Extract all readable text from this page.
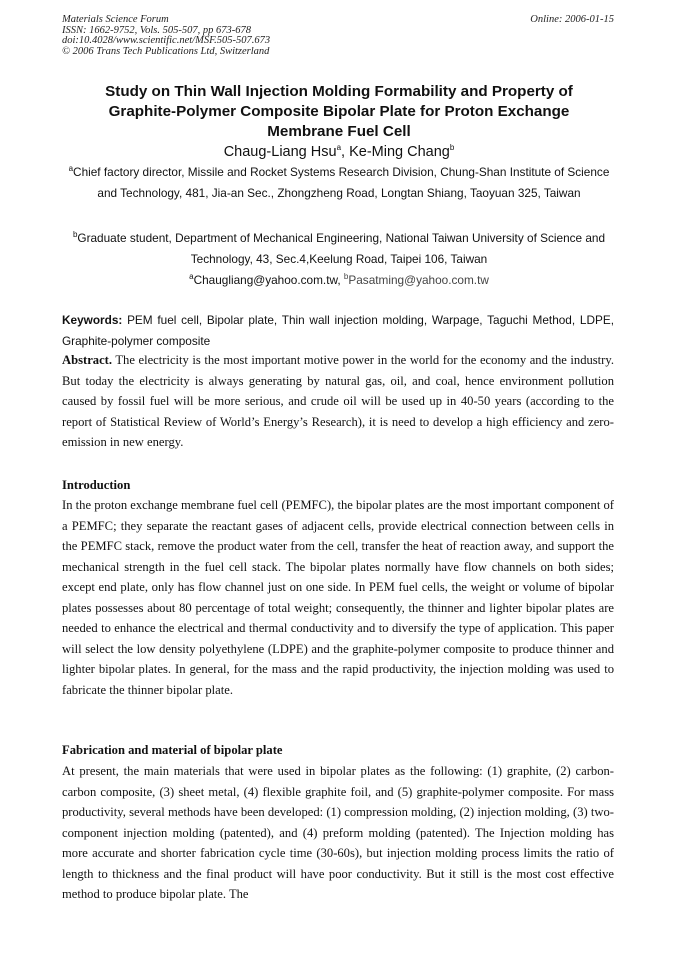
Materials Science Forum
ISSN: 1662-9752, Vols. 505-507, pp 673-678
doi:10.4028/www.scientific.net/MSF.505-507.673
© 2006 Trans Tech Publications Ltd, Switzerland
Online: 2006-01-15
Study on Thin Wall Injection Molding Formability and Property of Graphite-Polymer Composite Bipolar Plate for Proton Exchange Membrane Fuel Cell
Chaug-Liang Hsu$^a$, Ke-Ming Chang$^b$
$^a$Chief factory director, Missile and Rocket Systems Research Division, Chung-Shan Institute of Science and Technology, 481, Jia-an Sec., Zhongzheng Road, Longtan Shiang, Taoyuan 325, Taiwan
$^b$Graduate student, Department of Mechanical Engineering, National Taiwan University of Science and Technology, 43, Sec.4,Keelung Road, Taipei 106, Taiwan
$^a$Chaugliang@yahoo.com.tw, $^b$Pasatming@yahoo.com.tw
Keywords: PEM fuel cell, Bipolar plate, Thin wall injection molding, Warpage, Taguchi Method, LDPE, Graphite-polymer composite
Abstract. The electricity is the most important motive power in the world for the economy and the industry. But today the electricity is always generating by natural gas, oil, and coal, hence environment pollution caused by fossil fuel will be more serious, and crude oil will be used up in 40-50 years (according to the report of Statistical Review of World’s Energy’s Research), it is need to develop a high efficiency and zero-emission in new energy.
Introduction
In the proton exchange membrane fuel cell (PEMFC), the bipolar plates are the most important component of a PEMFC; they separate the reactant gases of adjacent cells, provide electrical connection between cells in the PEMFC stack, remove the product water from the cell, transfer the heat of reaction away, and support the mechanical strength in the fuel cell stack. The bipolar plates normally have flow channels on both sides; except end plate, only has flow channel just on one side. In PEM fuel cells, the weight or volume of bipolar plates possesses about 80 percentage of total weight; consequently, the thinner and lighter bipolar plates are needed to enhance the electrical and thermal conductivity and to diversify the type of application. This paper will select the low density polyethylene (LDPE) and the graphite-polymer composite to produce thinner and lighter bipolar plates. In general, for the mass and the rapid productivity, the injection molding was used to fabricate the thinner bipolar plate.
Fabrication and material of bipolar plate
At present, the main materials that were used in bipolar plates as the following: (1) graphite, (2) carbon-carbon composite, (3) sheet metal, (4) flexible graphite foil, and (5) graphite-polymer composite. For mass productivity, several methods have been developed: (1) compression molding, (2) injection molding, (3) two-component injection molding (patented), and (4) preform molding (patented). The Injection molding has more accurate and shorter fabrication cycle time (30-60s), but injection molding process limits the ratio of length to thickness and the final product will have poor conductivity. But it still is the most cost effective method to produce bipolar plate. The
